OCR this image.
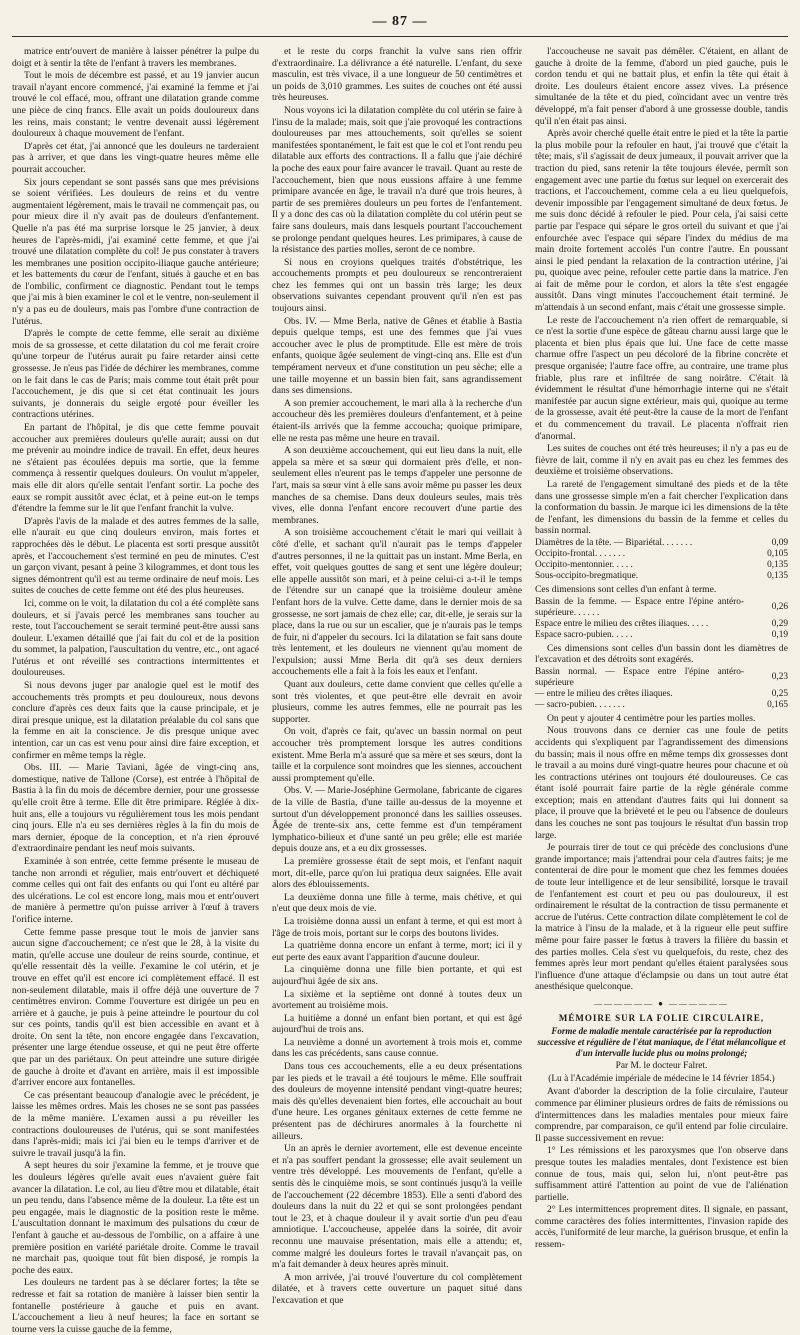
— 87 —

matrice entr'ouvert de manière à laisser pénétrer la pulpe du doigt et à sentir la tête de l'enfant à travers les membranes.

Tout le mois de décembre est passé, et au 19 janvier aucun travail n'ayant encore commencé, j'ai examiné la femme et j'ai trouvé le col effacé, mou, offrant une dilatation grande comme une pièce de cinq francs. Elle avait un poids douloureux dans les reins, mais constant; le ventre devenait aussi légèrement douloureux à chaque mouvement de l'enfant.

D'après cet état, j'ai annoncé que les douleurs ne tarderaient pas à arriver, et que dans les vingt-quatre heures même elle pourrait accoucher.

Six jours cependant se sont passés sans que mes prévisions se soient vérifiées. Les douleurs de reins et du ventre augmentaient légèrement, mais le travail ne commençait pas, ou pour mieux dire il n'y avait pas de douleurs d'enfantement. Quelle n'a pas été ma surprise lorsque le 25 janvier, à deux heures de l'après-midi, j'ai examiné cette femme, et que j'ai trouvé une dilatation complète du col! Je pus constater à travers les membranes une position occipito-iliaque gauche antérieure; et les battements du cœur de l'enfant, situés à gauche et en bas de l'ombilic, confirment ce diagnostic. Pendant tout le temps que j'ai mis à bien examiner le col et le ventre, non-seulement il n'y a pas eu de douleurs, mais pas l'ombre d'une contraction de l'utérus.

D'après le compte de cette femme, elle serait au dixième mois de sa grossesse, et cette dilatation du col me ferait croire qu'une torpeur de l'utérus aurait pu faire retarder ainsi cette grossesse. Je n'eus pas l'idée de déchirer les membranes, comme on le fait dans le cas de Paris; mais comme tout était prêt pour l'accouchement, je dis que si cet état continuait les jours suivants, je donnerais du seigle ergoté pour éveiller les contractions utérines.

En partant de l'hôpital, je dis que cette femme pouvait accoucher aux premières douleurs qu'elle aurait; aussi on dut me prévenir au moindre indice de travail. En effet, deux heures ne s'étaient pas écoulées depuis ma sortie, que la femme commença à ressentir quelques douleurs. On voulut m'appeler, mais elle dit alors qu'elle sentait l'enfant sortir. La poche des eaux se rompit aussitôt avec éclat, et à peine eut-on le temps d'étendre la femme sur le lit que l'enfant franchit la vulve.

D'après l'avis de la malade et des autres femmes de la salle, elle n'aurait eu que cinq douleurs environ, mais fortes et rapprochées dès le début. Le placenta est sorti presque aussitôt après, et l'accouchement s'est terminé en peu de minutes. C'est un garçon vivant, pesant à peine 3 kilogrammes, et dont tous les signes démontrent qu'il est au terme ordinaire de neuf mois. Les suites de couches de cette femme ont été des plus heureuses.

Ici, comme on le voit, la dilatation du col a été complète sans douleurs, et si j'avais percé les membranes sans toucher au reste, tout l'accouchement se serait terminé peut-être aussi sans douleur. L'examen détaillé que j'ai fait du col et de la position du sommet, la palpation, l'auscultation du ventre, etc., ont agacé l'utérus et ont réveillé ses contractions intermittentes et douloureuses.

Si nous devons juger par analogie quel est le motif des accouchements très prompts et peu douloureux, nous devons conclure d'après ces deux faits que la cause principale, et je dirai presque unique, est la dilatation préalable du col sans que la femme en ait la conscience. Je dis presque unique avec intention, car un cas est venu pour ainsi dire faire exception, et confirmer en même temps la règle.

Obs. III. — Marie Taviani, âgée de vingt-cinq ans, domestique, native de Tallone (Corse), est entrée à l'hôpital de Bastia à la fin du mois de décembre dernier, pour une grossesse qu'elle croit être à terme. Elle dit être primipare. Réglée à dix-huit ans, elle a toujours vu régulièrement tous les mois pendant cinq jours. Elle n'a eu ses dernières règles à la fin du mois de mars dernier, époque de la conception, et n'a rien éprouvé d'extraordinaire pendant les neuf mois suivants.

Examinée à son entrée, cette femme présente le museau de tanche non arrondi et régulier, mais entr'ouvert et déchiqueté comme celles qui ont fait des enfants ou qui l'ont eu altéré par des ulcérations. Le col est encore long, mais mou et entr'ouvert de manière à permettre qu'on puisse arriver à l'œuf à travers l'orifice interne.

Cette femme passe presque tout le mois de janvier sans aucun signe d'accouchement; ce n'est que le 28, à la visite du matin, qu'elle accuse une douleur de reins sourde, continue, et qu'elle ressentait dès la veille. J'examine le col utérin, et je trouve en effet qu'il est encore ici complètement effacé. Il est non-seulement dilatable, mais il offre déjà une ouverture de 7 centimètres environ. Comme l'ouverture est dirigée un peu en arrière et à gauche, je puis à peine atteindre le pourtour du col sur ces points, tandis qu'il est bien accessible en avant et à droite. On sent la tête, non encore engagée dans l'excavation, présenter une large étendue osseuse, et qui ne peut être offerte que par un des pariétaux. On peut atteindre une suture dirigée de gauche à droite et d'avant en arrière, mais il est impossible d'arriver encore aux fontanelles.

Ce cas présentant beaucoup d'analogie avec le précédent, je laisse les mêmes ordres. Mais les choses ne se sont pas passées de la même manière. L'examen aussi a pu réveiller les contractions douloureuses de l'utérus, qui se sont manifestées dans l'après-midi; mais ici j'ai bien eu le temps d'arriver et de suivre le travail jusqu'à la fin.

A sept heures du soir j'examine la femme, et je trouve que les douleurs légères qu'elle avait eues n'avaient guère fait avancer la dilatation. Le col, au lieu d'être mou et dilatable, était un peu tendu, dans l'absence même de la douleur. La tête est un peu engagée, mais le diagnostic de la position reste le même. L'auscultation donnant le maximum des pulsations du cœur de l'enfant à gauche et au-dessous de l'ombilic, on a affaire à une première position en variété pariétale droite. Comme le travail ne marchait pas, quoique tout fût bien disposé, je rompis la poche des eaux.

Les douleurs ne tardent pas à se déclarer fortes; la tête se redresse et fait sa rotation de manière à laisser bien sentir la fontanelle postérieure à gauche et puis en avant. L'accouchement a lieu à neuf heures; la face en sortant se tourne vers la cuisse gauche de la femme,

et le reste du corps franchit la vulve sans rien offrir d'extraordinaire. La délivrance a été naturelle. L'enfant, du sexe masculin, est très vivace, il a une longueur de 50 centimètres et un poids de 3,010 grammes. Les suites de couches ont été aussi très heureuses.

Nous voyons ici la dilatation complète du col utérin se faire à l'insu de la malade; mais, soit que j'aie provoqué les contractions douloureuses par mes attouchements, soit qu'elles se soient manifestées spontanément, le fait est que le col et l'ont rendu peu dilatable aux efforts des contractions. Il a fallu que j'aie déchiré la poche des eaux pour faire avancer le travail. Quant au reste de l'accouchement, bien que nous eussions affaire à une femme primipare avancée en âge, le travail n'a duré que trois heures, à partir de ses premières douleurs un peu fortes de l'enfantement. Il y a donc des cas où la dilatation complète du col utérin peut se faire sans douleurs, mais dans lesquels pourtant l'accouchement se prolonge pendant quelques heures. Les primipares, à cause de la résistance des parties molles, seront de ce nombre.

Si nous en croyions quelques traités d'obstétrique, les accouchements prompts et peu douloureux se rencontreraient chez les femmes qui ont un bassin très large; les deux observations suivantes cependant prouvent qu'il n'en est pas toujours ainsi.

Obs. IV. — Mme Berla, native de Gênes et établie à Bastia depuis quelque temps, est une des femmes que j'ai vues accoucher avec le plus de promptitude. Elle est mère de trois enfants, quoique âgée seulement de vingt-cinq ans. Elle est d'un tempérament nerveux et d'une constitution un peu sèche; elle a une taille moyenne et un bassin bien fait, sans agrandissement dans ses dimensions.

A son premier accouchement, le mari alla à la recherche d'un accoucheur dès les premières douleurs d'enfantement, et à peine étaient-ils arrivés que la femme accoucha; quoique primipare, elle ne resta pas même une heure en travail.

A son deuxième accouchement, qui eut lieu dans la nuit, elle appela sa mère et sa sœur qui dormaient près d'elle, et non-seulement elles n'eurent pas le temps d'appeler une personne de l'art, mais sa sœur vint à elle sans avoir même pu passer les deux manches de sa chemise. Dans deux douleurs seules, mais très vives, elle donna l'enfant encore recouvert d'une partie des membranes.

A son troisième accouchement c'était le mari qui veillait à côté d'elle, et sachant qu'il n'aurait pas le temps d'appeler d'autres personnes, il ne la quittait pas un instant. Mme Berla, en effet, voit quelques gouttes de sang et sent une légère douleur; elle appelle aussitôt son mari, et à peine celui-ci a-t-il le temps de l'étendre sur un canapé que la troisième douleur amène l'enfant hors de la vulve. Cette dame, dans le dernier mois de sa grossesse, ne sort jamais de chez elle; car, dit-elle, je serais sur la place, dans la rue ou sur un escalier, que je n'aurais pas le temps de fuir, ni d'appeler du secours. Ici la dilatation se fait sans doute très lentement, et les douleurs ne viennent qu'au moment de l'expulsion; aussi Mme Berla dit qu'à ses deux derniers accouchements elle a fait à la fois les eaux et l'enfant.

Quant aux douleurs, cette dame convient que celles qu'elle a sont très violentes, et que peut-être elle devrait en avoir plusieurs, comme les autres femmes, elle ne pourrait pas les supporter.

On voit, d'après ce fait, qu'avec un bassin normal on peut accoucher très promptement lorsque les autres conditions existent. Mme Berla m'a assuré que sa mère et ses sœurs, dont la taille et la corpulence sont moindres que les siennes, accouchent aussi promptement qu'elle.

Obs. V. — Marie-Joséphine Germolane, fabricante de cigares de la ville de Bastia, d'une taille au-dessus de la moyenne et surtout d'un développement prononcé dans les saillies osseuses. Âgée de trente-six ans, cette femme est d'un tempérament lymphatico-bilieux et d'une santé un peu grêle; elle est mariée depuis douze ans, et a eu dix grossesses.

La première grossesse était de sept mois, et l'enfant naquit mort, dit-elle, parce qu'on lui pratiqua deux saignées. Elle avait alors des éblouissements.

La deuxième donna une fille à terme, mais chétive, et qui n'eut que deux mois de vie.

La troisième donna aussi un enfant à terme, et qui est mort à l'âge de trois mois, portant sur le corps des boutons livides.

La quatrième donna encore un enfant à terme, mort; ici il y eut perte des eaux avant l'apparition d'aucune douleur.

La cinquième donna une fille bien portante, et qui est aujourd'hui âgée de six ans.

La sixième et la septième ont donné à toutes deux un avortement au troisième mois.

La huitième a donné un enfant bien portant, et qui est âgé aujourd'hui de trois ans.

La neuvième a donné un avortement à trois mois et, comme dans les cas précédents, sans cause connue.

Dans tous ces accouchements, elle a eu deux présentations par les pieds et le travail a été toujours le même. Elle souffrait des douleurs de moyenne intensité pendant vingt-quatre heures; mais dès qu'elles devenaient bien fortes, elle accouchait au bout d'une heure. Les organes génitaux externes de cette femme ne présentent pas de déchirures anormales à la fourchette ni ailleurs.

Un an après le dernier avortement, elle est devenue enceinte et n'a pas souffert pendant la grossesse; elle avait seulement un ventre très développé. Les mouvements de l'enfant, qu'elle a sentis dès le cinquième mois, se sont continués jusqu'à la veille de l'accouchement (22 décembre 1853). Elle a senti d'abord des douleurs dans la nuit du 22 et qui se sont prolongées pendant tout le 23, et à chaque douleur il y avait sortie d'un peu d'eau amniotique. L'accoucheuse, appelée dans la soirée, dit avoir reconnu une mauvaise présentation, mais elle a attendu; et, comme malgré les douleurs fortes le travail n'avançait pas, on m'a fait demander à deux heures après minuit.

A mon arrivée, j'ai trouvé l'ouverture du col complètement dilatée, et à travers cette ouverture un paquet situé dans l'excavation et que

l'accoucheuse ne savait pas démêler. C'étaient, en allant de gauche à droite de la femme, d'abord un pied gauche, puis le cordon tendu et qui ne battait plus, et enfin la tête qui était à droite. Les douleurs étaient encore assez vives. La présence simultanée de la tête et du pied, coïncidant avec un ventre très développé, m'a fait penser d'abord à une grossesse double, tandis qu'il n'en était pas ainsi.

Après avoir cherché quelle était entre le pied et la tête la partie la plus mobile pour la refouler en haut, j'ai trouvé que c'était la tête; mais, s'il s'agissait de deux jumeaux, il pouvait arriver que la traction du pied, sans retenir la tête toujours élevée, permît son engagement avec une partie du fœtus sur lequel on exercerait des tractions, et l'accouchement, comme cela a eu lieu quelquefois, devenir impossible par l'engagement simultané de deux fœtus. Je me suis donc décidé à refouler le pied. Pour cela, j'ai saisi cette partie par l'espace qui sépare le gros orteil du suivant et que j'ai enfourchée avec l'espace qui sépare l'index du médius de ma main droite fortement accolés l'un contre l'autre. En poussant ainsi le pied pendant la relaxation de la contraction utérine, j'ai pu, quoique avec peine, refouler cette partie dans la matrice. J'en ai fait de même pour le cordon, et alors la tête s'est engagée aussitôt. Dans vingt minutes l'accouchement était terminé. Je m'attendais à un second enfant, mais c'était une grossesse simple.

Le reste de l'accouchement n'a rien offert de remarquable, si ce n'est la sortie d'une espèce de gâteau charnu aussi large que le placenta et bien plus épais que lui. Une face de cette masse charnue offre l'aspect un peu décoloré de la fibrine concrète et presque organisée; l'autre face offre, au contraire, une trame plus friable, plus rare et infiltrée de sang noirâtre. C'était là évidemment le résultat d'une hémorrhagie interne qui ne s'était manifestée par aucun signe extérieur, mais qui, quoique au terme de la grossesse, avait été peut-être la cause de la mort de l'enfant et du commencement du travail. Le placenta n'offrait rien d'anormal.

Les suites de couches ont été très heureuses; il n'y a pas eu de fièvre de lait, comme il n'y en avait pas eu chez les femmes des deuxième et troisième observations.

La rareté de l'engagement simultané des pieds et de la tête dans une grossesse simple m'en a fait chercher l'explication dans la conformation du bassin. Je marque ici les dimensions de la tête de l'enfant, les dimensions du bassin de la femme et celles du bassin normal.

Diamètres de la tête. — Bipariétal. . . . . . .	0,09
Occipito-frontal. . . . . . .	0,105
Occipito-mentonnier. . . . .	0,135
Sous-occipito-bregmatique.	0,135

Ces dimensions sont celles d'un enfant à terme.

Bassin de la femme. — Espace entre l'épine antéro-supérieure. . . . . .	0,26
Espace entre le milieu des crêtes iliaques. . . . .	0,29
Espace sacro-pubien. . . . .	0,19

Ces dimensions sont celles d'un bassin dont les diamètres de l'excavation et des détroits sont exagérés.

Bassin normal. — Espace entre l'épine antéro-supérieure	0,23
— entre le milieu des crêtes iliaques.	0,25
— sacro-pubien. . . . . . .	0,165

On peut y ajouter 4 centimètre pour les parties molles.

Nous trouvons dans ce dernier cas une foule de petits accidents qui s'expliquent par l'agrandissement des dimensions du bassin; mais il nous offre en même temps dix grossesses dont le travail a au moins duré vingt-quatre heures pour chacune et où les contractions utérines ont toujours été douloureuses. Ce cas étant isolé pourrait faire partie de la règle générale comme exception; mais en attendant d'autres faits qui lui donnent sa place, il prouve que la brièveté et le peu ou l'absence de douleurs dans les couches ne sont pas toujours le résultat d'un bassin trop large.

Je pourrais tirer de tout ce qui précède des conclusions d'une grande importance; mais j'attendrai pour cela d'autres faits; je me contenterai de dire pour le moment que chez les femmes douées de toute leur intelligence et de leur sensibilité, lorsque le travail de l'enfantement est court et peu ou pas douloureux, il est ordinairement le résultat de la contraction de tissu permanente et accrue de l'utérus. Cette contraction dilate complètement le col de la matrice à l'insu de la malade, et à la rigueur elle peut suffire même pour faire passer le fœtus à travers la filière du bassin et des parties molles. Cela s'est vu quelquefois, du reste, chez des femmes après leur mort pendant qu'elles étaient paralysées sous l'influence d'une attaque d'éclampsie ou dans un tout autre état anesthésique quelconque.

—————— ● ——————
MÉMOIRE SUR LA FOLIE CIRCULAIRE,
Forme de maladie mentale caractérisée par la reproduction successive et régulière de l'état maniaque, de l'état mélancolique et d'un intervalle lucide plus ou moins prolongé;
Par M. le docteur Falret.
(Lu à l'Académie impériale de médecine le 14 février 1854.)

Avant d'aborder la description de la folie circulaire, l'auteur commence par éliminer plusieurs ordres de faits de rémissions ou d'intermittences dans les maladies mentales pour mieux faire comprendre, par comparaison, ce qu'il entend par folie circulaire. Il passe successivement en revue:

1° Les rémissions et les paroxysmes que l'on observe dans presque toutes les maladies mentales, dont l'existence est bien connue de tous, mais qui, selon lui, n'ont peut-être pas suffisamment attiré l'attention au point de vue de l'aliénation partielle.

2° Les intermittences proprement dites. Il signale, en passant, comme caractères des folies intermittentes, l'invasion rapide des accès, l'uniformité de leur marche, la guérison brusque, et enfin la ressem-
